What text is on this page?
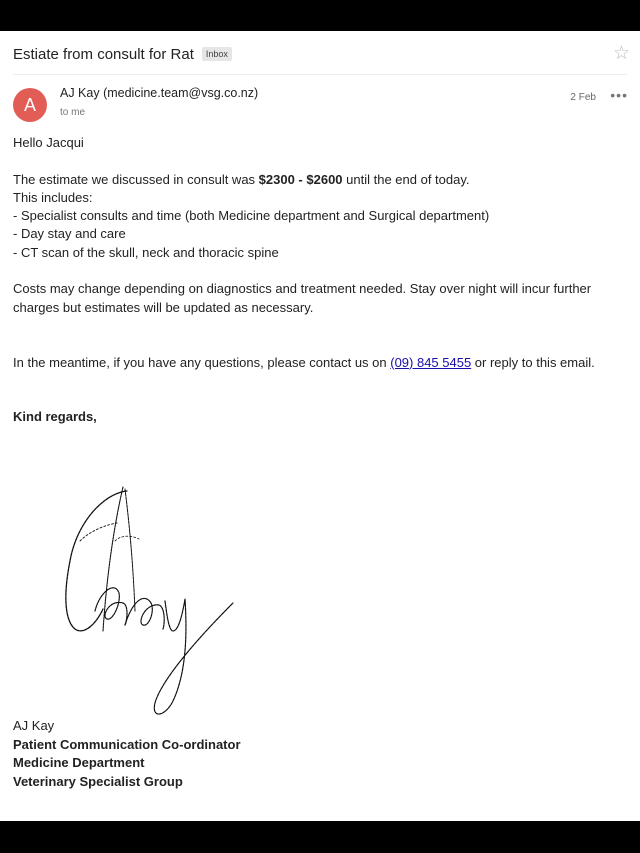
Estiate from consult for Rat	Inbox	☆
A
AJ Kay (medicine.team@vsg.co.nz)
to me
2 Feb •••

Hello Jacqui

The estimate we discussed in consult was $2300 - $2600 until the end of today.

This includes:

- Specialist consults and time (both Medicine department and Surgical department)

- Day stay and care

- CT scan of the skull, neck and thoracic spine

Costs may change depending on diagnostics and treatment needed. Stay over night will incur further charges but estimates will be updated as necessary.

In the meantime, if you have any questions, please contact us on (09) 845 5455 or reply to this email.

Kind regards,

AJ Kay
Patient Communication Co-ordinator
Medicine Department
Veterinary Specialist Group
